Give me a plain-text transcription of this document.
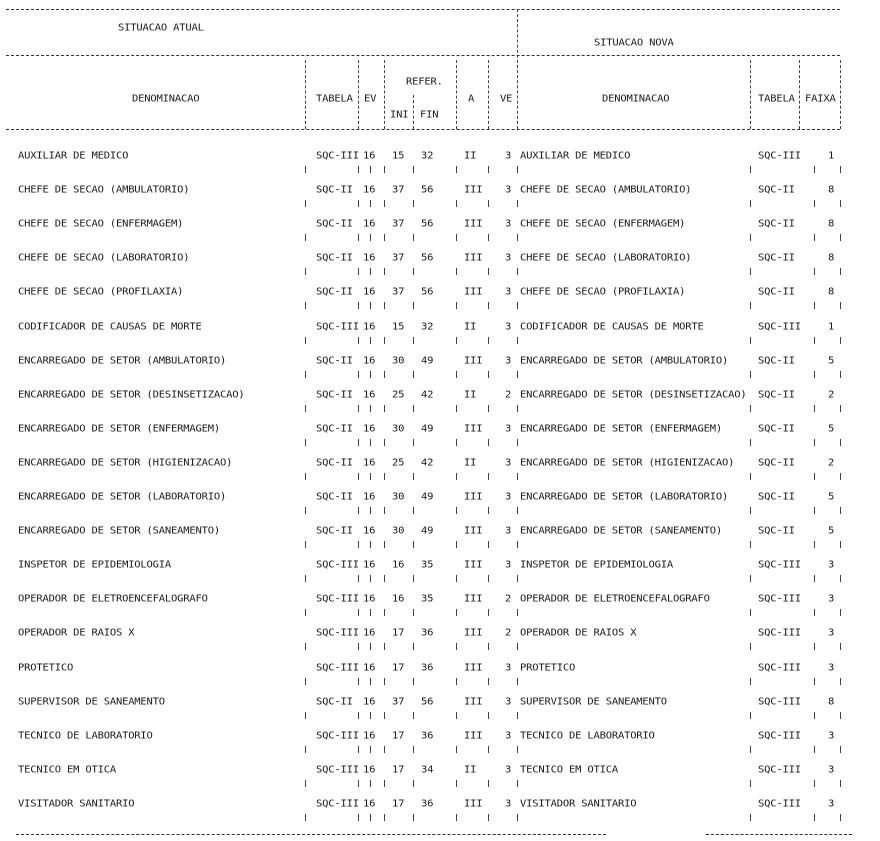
SITUACAO ATUAL
SITUACAO NOVA
DENOMINACAO	TABELA EV
REFER.
INI FIN
A VE	DENOMINACAO	TABELA FAIXA
AUXILIAR DE MEDICO	SQC-III 16 15 32	II	3 AUXILIAR DE MEDICO	SQC-III	1
CHEFE DE SECAO (AMBULATORIO)	SQC-II 16 37 56	III 3 CHEFE DE SECAO (AMBULATORIO)	SQC-II	8
CHEFE DE SECAO (ENFERMAGEM)	SQC-II 16 37 56	III 3 CHEFE DE SECAO (ENFERMAGEM)	SQC-II	8
CHEFE DE SECAO (LABORATORIO)	SQC-II 16 37 56	III 3 CHEFE DE SECAO (LABORATORIO)	SQC-II	8
CHEFE DE SECAO (PROFILAXIA)	SQC-II 16 37 56	III 3 CHEFE DE SECAO (PROFILAXIA)	SQC-II	8
CODIFICADOR DE CAUSAS DE MORTE	SQC-III 16 15 32	II	3 CODIFICADOR DE CAUSAS DE MORTE	SQC-III	1
ENCARREGADO DE SETOR (AMBULATORIO)	SQC-II 16 30 49	III 3 ENCARREGADO DE SETOR (AMBULATORIO)	SQC-II	5
ENCARREGADO DE SETOR (DESINSETIZACAO)	SQC-II 16 25 42	II	2 ENCARREGADO DE SETOR (DESINSETIZACAO) SQC-II	2
ENCARREGADO DE SETOR (ENFERMAGEM)	SQC-II 16 30 49	III 3 ENCARREGADO DE SETOR (ENFERMAGEM)	SQC-II	5
ENCARREGADO DE SETOR (HIGIENIZACAO)	SQC-II 16 25 42	II	3 ENCARREGADO DE SETOR (HIGIENIZACAO) SQC-II	2
ENCARREGADO DE SETOR (LABORATORIO)	SQC-II 16 30 49	III 3 ENCARREGADO DE SETOR (LABORATORIO)	SQC-II	5
ENCARREGADO DE SETOR (SANEAMENTO)	SQC-II 16 30 49	III 3 ENCARREGADO DE SETOR (SANEAMENTO)	SQC-II	5
INSPETOR DE EPIDEMIOLOGIA	SQC-III 16 16 35	III 3 INSPETOR DE EPIDEMIOLOGIA	SQC-III	3
OPERADOR DE ELETROENCEFALOGRAFO	SQC-III 16 16 35	III 2 OPERADOR DE ELETROENCEFALOGRAFO	SQC-III	3
OPERADOR DE RAIOS X	SQC-III 16 17 36	III 2 OPERADOR DE RAIOS X	SQC-III	3
PROTETICO	SQC-III 16 17 36	III 3 PROTETICO	SQC-III	3
SUPERVISOR DE SANEAMENTO	SQC-II 16 37 56	III 3 SUPERVISOR DE SANEAMENTO	SQC-III	8
TECNICO DE LABORATORIO	SQC-III 16 17 36	III 3 TECNICO DE LABORATORIO	SQC-III	3
TECNICO EM OTICA	SQC-III 16 17 34	II	3 TECNICO EM OTICA	SQC-III	3
VISITADOR SANITARIO	SQC-III 16 17 36	III 3 VISITADOR SANITARIO	SQC-III	3
